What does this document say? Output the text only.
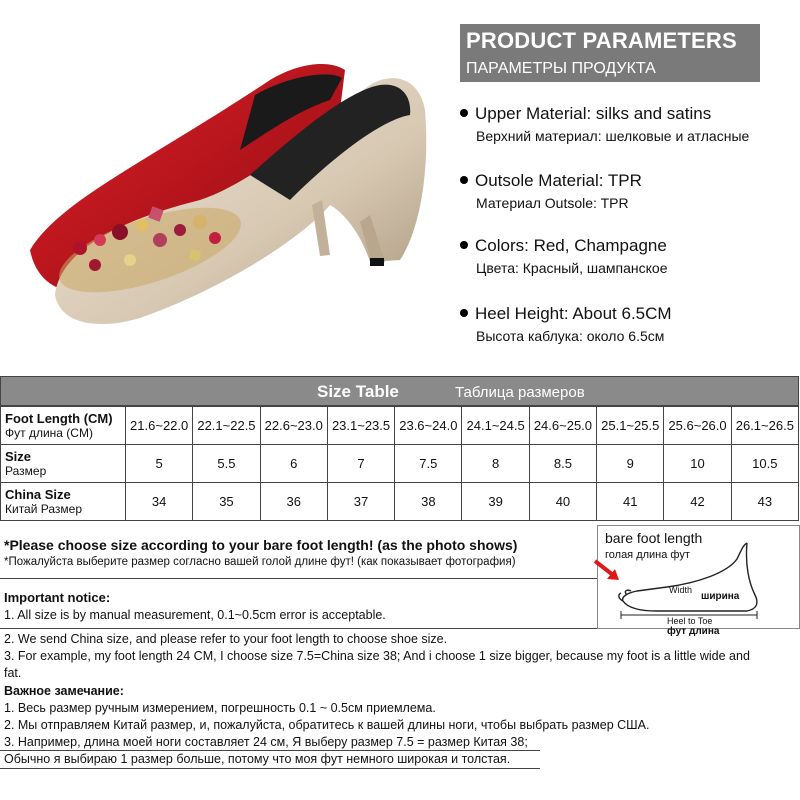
PRODUCT PARAMETERS
ПАРАМЕТРЫ ПРОДУКТА
Upper Material: silks and satins
Верхний материал: шелковые и атласные
Outsole Material: TPR
Материал Outsole: TPR
Colors: Red, Champagne
Цвета: Красный, шампанское
Heel Height: About 6.5CM
Высота каблука: около 6.5см
Size Table	Таблица размеров
Foot Length (CM)
Фут длина (CM)	21.6~22.0	22.1~22.5	22.6~23.0	23.1~23.5	23.6~24.0	24.1~24.5	24.6~25.0	25.1~25.5	25.6~26.0	26.1~26.5

Size
Размер	5	5.5	6	7	7.5	8	8.5	9	10	10.5

China Size
Китай Размер	34	35	36	37	38	39	40	41	42	43
*Please choose size according to your bare foot length! (as the photo shows)
*Пожалуйста выберите размер согласно вашей голой длине фут! (как показывает фотография)
Important notice:
1. All size is by manual measurement, 0.1~0.5cm error is acceptable.
bare foot length
голая длина фут
Width
ширина
Heel to Toe
фут длина
2. We send China size, and please refer to your foot length to choose shoe size.
3. For example, my foot length 24 CM, I choose size 7.5=China size 38; And i choose 1 size bigger, because my foot is a little wide and
fat.
Важное замечание:
1. Весь размер ручным измерением, погрешность 0.1 ~ 0.5см приемлема.
2. Мы отправляем Китай размер, и, пожалуйста, обратитесь к вашей длины ноги, чтобы выбрать размер США.
3. Например, длина моей ноги составляет 24 см, Я выберу размер 7.5 = размер Китая 38;
Обычно я выбираю 1 размер больше, потому что моя фут немного широкая и толстая.
